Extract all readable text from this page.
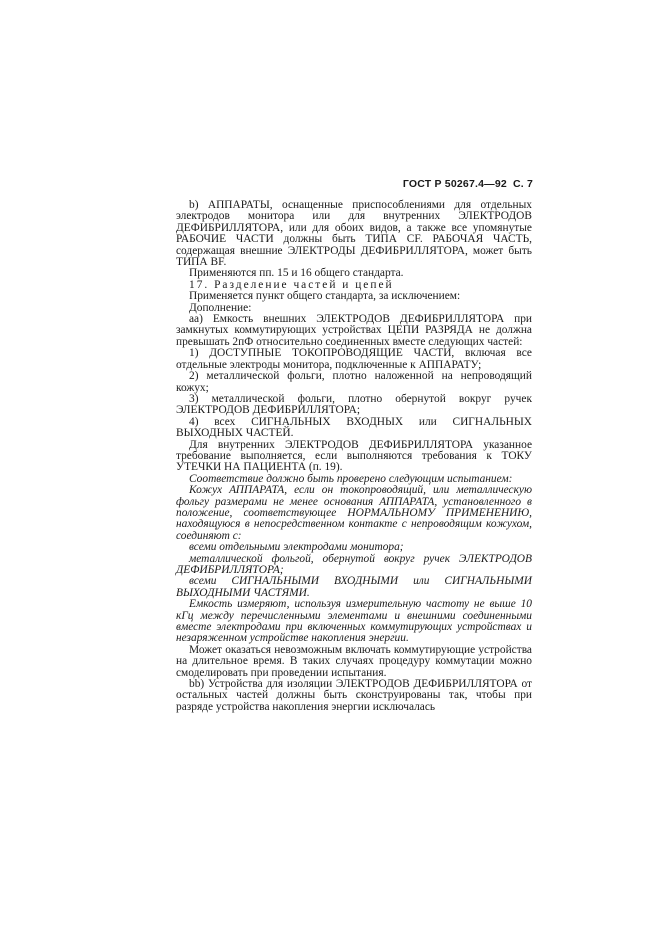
ГОСТ Р 50267.4—92 С. 7

b) АППАРАТЫ, оснащенные приспособлениями для отдельных электродов монитора или для внутренних ЭЛЕКТРОДОВ ДЕФИБРИЛЛЯТОРА, или для обоих видов, а также все упомянутые РАБОЧИЕ ЧАСТИ должны быть ТИПА CF. РАБОЧАЯ ЧАСТЬ, содержащая внешние ЭЛЕКТРОДЫ ДЕФИБРИЛЛЯТОРА, может быть ТИПА BF.

Применяются пп. 15 и 16 общего стандарта.

17. Разделение частей и цепей

Применяется пункт общего стандарта, за исключением:

Дополнение:

аа) Емкость внешних ЭЛЕКТРОДОВ ДЕФИБРИЛЛЯТОРА при замкнутых коммутирующих устройствах ЦЕПИ РАЗРЯДА не должна превышать 2пФ относительно соединенных вместе следующих частей:

1) ДОСТУПНЫЕ ТОКОПРОВОДЯЩИЕ ЧАСТИ, включая все отдельные электроды монитора, подключенные к АППАРАТУ;

2) металлической фольги, плотно наложенной на непроводящий кожух;

3) металлической фольги, плотно обернутой вокруг ручек ЭЛЕКТРОДОВ ДЕФИБРИЛЛЯТОРА;

4) всех СИГНАЛЬНЫХ ВХОДНЫХ или СИГНАЛЬНЫХ ВЫХОДНЫХ ЧАСТЕЙ.

Для внутренних ЭЛЕКТРОДОВ ДЕФИБРИЛЛЯТОРА указанное требование выполняется, если выполняются требования к ТОКУ УТЕЧКИ НА ПАЦИЕНТА (п. 19).

Соответствие должно быть проверено следующим испытанием:

Кожух АППАРАТА, если он токопроводящий, или металлическую фольгу размерами не менее основания АППАРАТА, установленного в положение, соответствующее НОРМАЛЬНОМУ ПРИМЕНЕНИЮ, находящуюся в непосредственном контакте с непроводящим кожухом, соединяют с:

всеми отдельными электродами монитора;

металлической фольгой, обернутой вокруг ручек ЭЛЕКТРОДОВ ДЕФИБРИЛЛЯТОРА;

всеми СИГНАЛЬНЫМИ ВХОДНЫМИ или СИГНАЛЬНЫМИ ВЫХОДНЫМИ ЧАСТЯМИ.

Емкость измеряют, используя измерительную частоту не выше 10 кГц между перечисленными элементами и внешними соединенными вместе электродами при включенных коммутирующих устройствах и незаряженном устройстве накопления энергии.

Может оказаться невозможным включать коммутирующие устройства на длительное время. В таких случаях процедуру коммутации можно смоделировать при проведении испытания.

bb) Устройства для изоляции ЭЛЕКТРОДОВ ДЕФИБРИЛЛЯТОРА от остальных частей должны быть сконструированы так, чтобы при разряде устройства накопления энергии исключалась
